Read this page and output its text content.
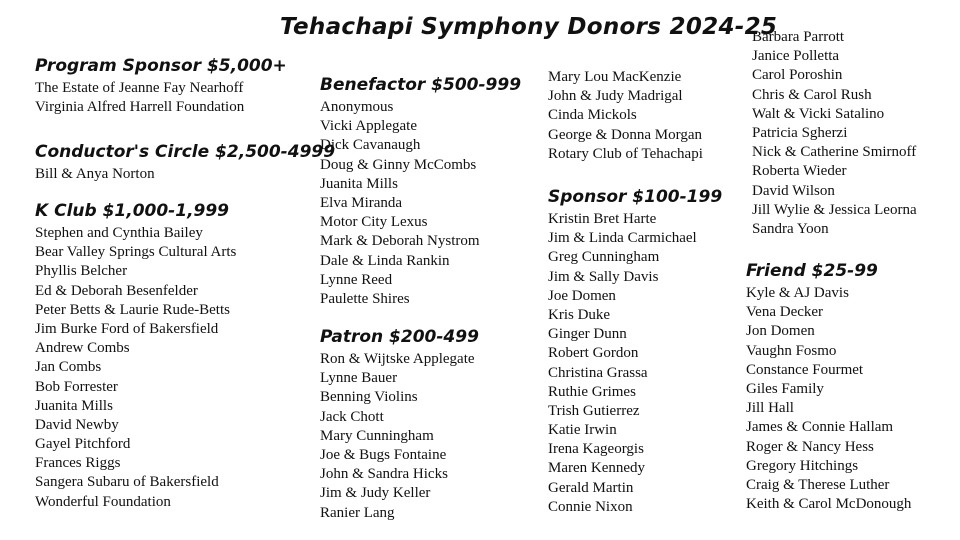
Tehachapi Symphony Donors 2024-25
Program Sponsor $5,000+
The Estate of Jeanne Fay Nearhoff
Virginia Alfred Harrell Foundation
Conductor's Circle $2,500-4999
Bill & Anya Norton
K Club $1,000-1,999
Stephen and Cynthia Bailey
Bear Valley Springs Cultural Arts
Phyllis Belcher
Ed & Deborah Besenfelder
Peter Betts & Laurie Rude-Betts
Jim Burke Ford of Bakersfield
Andrew Combs
Jan Combs
Bob Forrester
Juanita Mills
David Newby
Gayel Pitchford
Frances Riggs
Sangera Subaru of Bakersfield
Wonderful Foundation
Benefactor $500-999
Anonymous
Vicki Applegate
Dick Cavanaugh
Doug & Ginny McCombs
Juanita Mills
Elva Miranda
Motor City Lexus
Mark & Deborah Nystrom
Dale & Linda Rankin
Lynne Reed
Paulette Shires
Patron $200-499
Ron & Wijtske Applegate
Lynne Bauer
Benning Violins
Jack Chott
Mary Cunningham
Joe & Bugs Fontaine
John & Sandra Hicks
Jim & Judy Keller
Ranier Lang
Mary Lou MacKenzie
John & Judy Madrigal
Cinda Mickols
George & Donna Morgan
Rotary Club of Tehachapi
Sponsor $100-199
Kristin Bret Harte
Jim & Linda Carmichael
Greg Cunningham
Jim & Sally Davis
Joe Domen
Kris Duke
Ginger Dunn
Robert Gordon
Christina Grassa
Ruthie Grimes
Trish Gutierrez
Katie Irwin
Irena Kageorgis
Maren Kennedy
Gerald Martin
Connie Nixon
Barbara Parrott
Janice Polletta
Carol Poroshin
Chris & Carol Rush
Walt & Vicki Satalino
Patricia Sgherzi
Nick & Catherine Smirnoff
Roberta Wieder
David Wilson
Jill Wylie & Jessica Leorna
Sandra Yoon
Friend $25-99
Kyle & AJ Davis
Vena Decker
Jon Domen
Vaughn Fosmo
Constance Fourmet
Giles Family
Jill Hall
James & Connie Hallam
Roger & Nancy Hess
Gregory Hitchings
Craig & Therese Luther
Keith & Carol McDonough
